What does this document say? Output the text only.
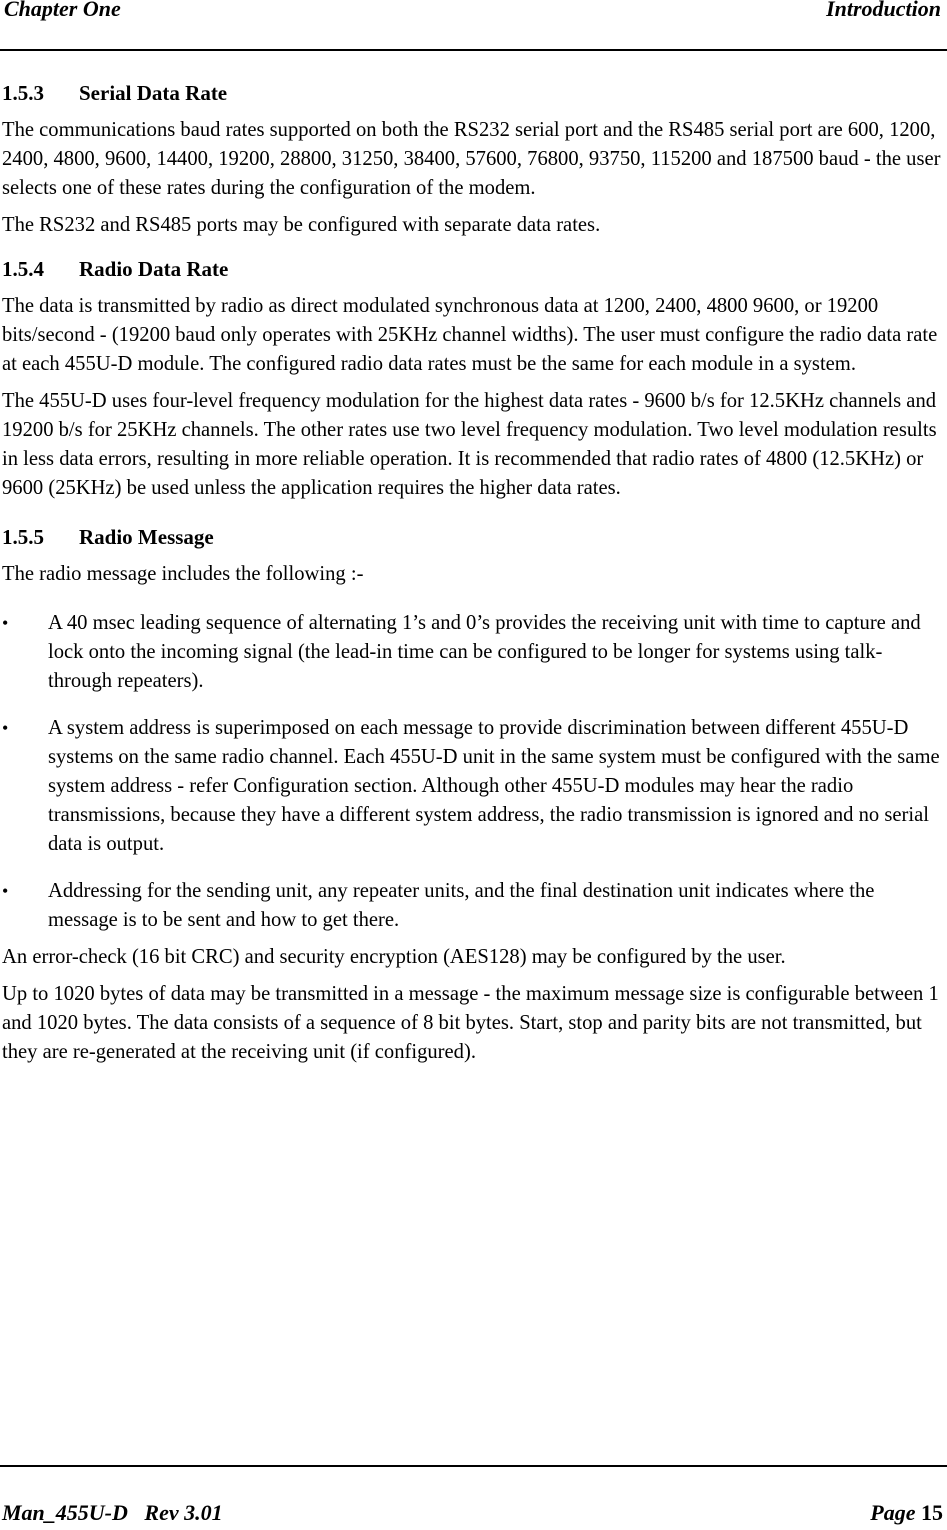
Chapter One	Introduction
1.5.3 Serial Data Rate

The communications baud rates supported on both the RS232 serial port and the RS485 serial port are 600, 1200, 2400, 4800, 9600, 14400, 19200, 28800, 31250, 38400, 57600, 76800, 93750, 115200 and 187500 baud - the user selects one of these rates during the configuration of the modem.

The RS232 and RS485 ports may be configured with separate data rates.

1.5.4 Radio Data Rate

The data is transmitted by radio as direct modulated synchronous data at 1200, 2400, 4800 9600, or 19200 bits/second - (19200 baud only operates with 25KHz channel widths). The user must configure the radio data rate at each 455U-D module. The configured radio data rates must be the same for each module in a system.

The 455U-D uses four-level frequency modulation for the highest data rates - 9600 b/s for 12.5KHz channels and 19200 b/s for 25KHz channels. The other rates use two level frequency modulation. Two level modulation results in less data errors, resulting in more reliable operation. It is recommended that radio rates of 4800 (12.5KHz) or 9600 (25KHz) be used unless the application requires the higher data rates.

1.5.5 Radio Message

The radio message includes the following :-

• A 40 msec leading sequence of alternating 1’s and 0’s provides the receiving unit with time to capture and lock onto the incoming signal (the lead-in time can be configured to be longer for systems using talk-through repeaters).
• A system address is superimposed on each message to provide discrimination between different 455U-D systems on the same radio channel. Each 455U-D unit in the same system must be configured with the same system address - refer Configuration section. Although other 455U-D modules may hear the radio transmissions, because they have a different system address, the radio transmission is ignored and no serial data is output.
• Addressing for the sending unit, any repeater units, and the final destination unit indicates where the message is to be sent and how to get there.

An error-check (16 bit CRC) and security encryption (AES128) may be configured by the user.

Up to 1020 bytes of data may be transmitted in a message - the maximum message size is configurable between 1 and 1020 bytes. The data consists of a sequence of 8 bit bytes. Start, stop and parity bits are not transmitted, but they are re-generated at the receiving unit (if configured).

Man_455U-D   Rev 3.01	Page 15
